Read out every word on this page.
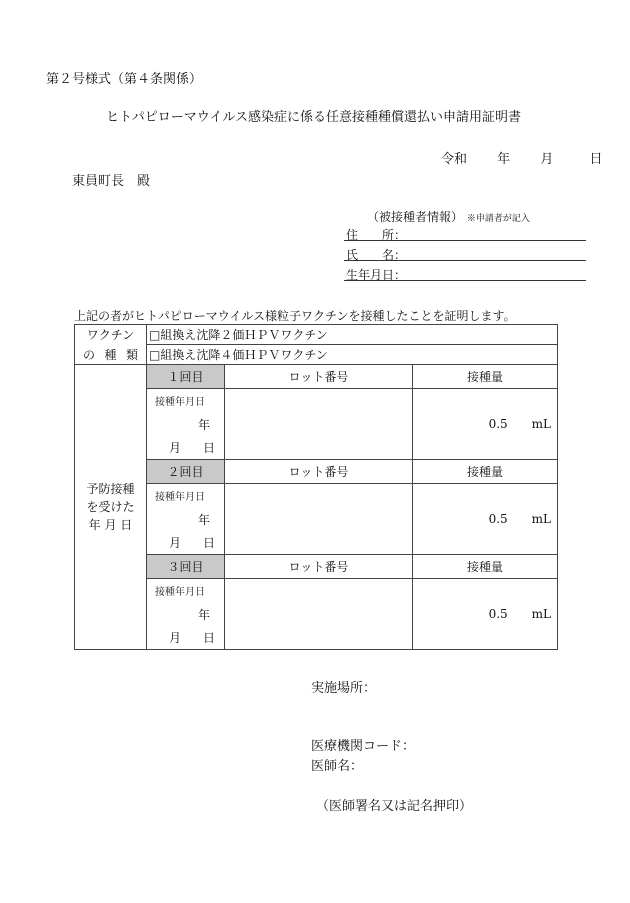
第２号様式（第４条関係）
ヒトパピローマウイルス感染症に係る任意接種種償還払い申請用証明書
令和 年 月	日
東員町長　殿
（被接種者情報） ※申請者が記入
住　　所：
氏　　名：
生年月日：
上記の者がヒトパピローマウイルス様粒子ワクチンを接種したことを証明します。
ワクチン	□組換え沈降２価ＨＰＶワクチン		

の 種 類	□組換え沈降４価ＨＰＶワクチン		

予防接種
を受けた
年 月 日	１回目	ロット番号	接種量
	接種年月日		0.5 mL
	年		
	月 日		
	２回目	ロット番号	接種量
	接種年月日		0.5 mL
	年		
	月 日		
	３回目	ロット番号	接種量
	接種年月日		0.5 mL
	年		
	月 日		
実施場所：
医療機関コード：
医師名：
（医師署名又は記名押印）
